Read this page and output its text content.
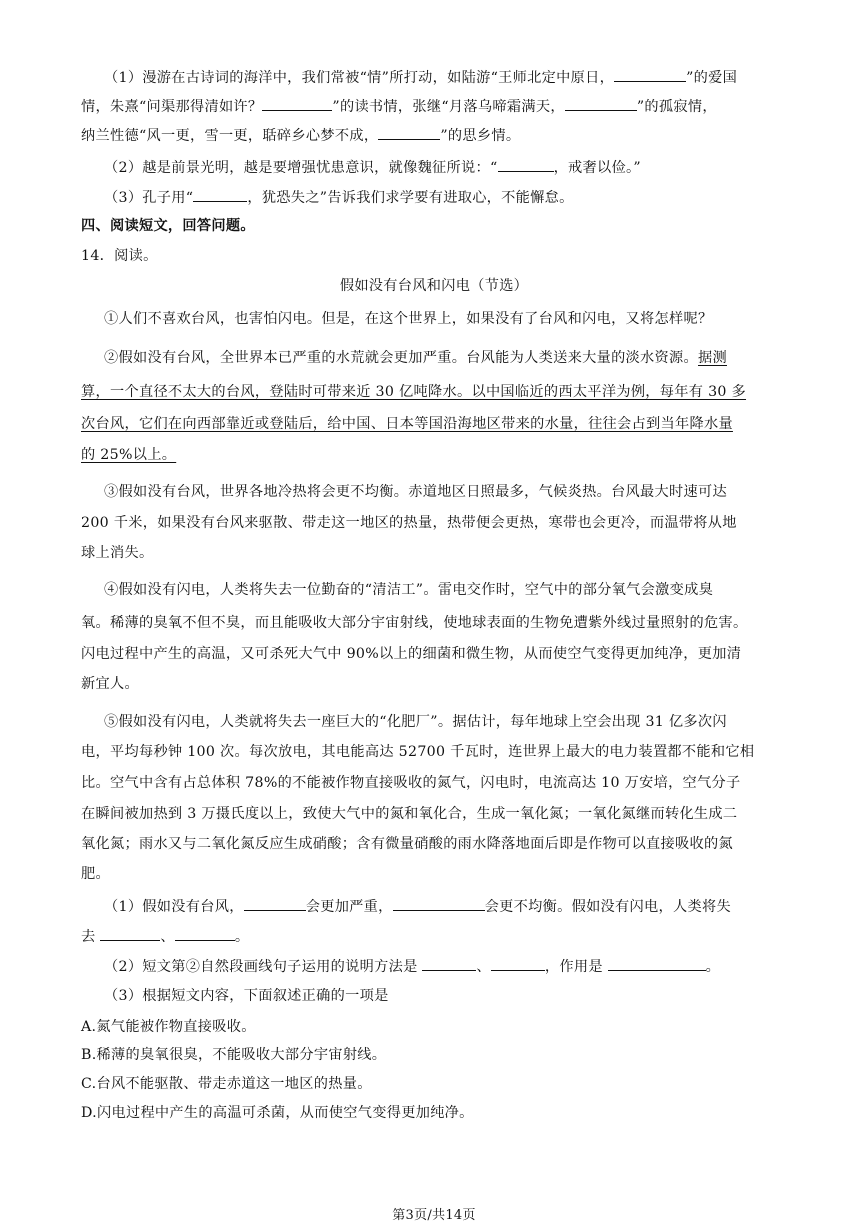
（1）漫游在古诗词的海洋中，我们常被“情”所打动，如陆游“王师北定中原日，	”的爱国
情，朱熹“问渠那得清如许？	”的读书情，张继“月落乌啼霜满天，	”的孤寂情，
纳兰性德“风一更，雪一更，聒碎乡心梦不成，	”的思乡情。
（2）越是前景光明，越是要增强忧患意识，就像魏征所说：“	，戒奢以俭。”
（3）孔子用“	，犹恐失之”告诉我们求学要有进取心，不能懈怠。
四、阅读短文，回答问题。
14．阅读。
假如没有台风和闪电（节选）
①人们不喜欢台风，也害怕闪电。但是，在这个世界上，如果没有了台风和闪电，又将怎样呢？
②假如没有台风，全世界本已严重的水荒就会更加严重。台风能为人类送来大量的淡水资源。据测
算，一个直径不太大的台风，登陆时可带来近 30 亿吨降水。以中国临近的西太平洋为例，每年有 30 多
次台风，它们在向西部靠近或登陆后，给中国、日本等国沿海地区带来的水量，往往会占到当年降水量
的 25%以上。
③假如没有台风，世界各地冷热将会更不均衡。赤道地区日照最多，气候炎热。台风最大时速可达
200 千米，如果没有台风来驱散、带走这一地区的热量，热带便会更热，寒带也会更冷，而温带将从地
球上消失。
④假如没有闪电，人类将失去一位勤奋的“清洁工”。雷电交作时，空气中的部分氧气会激变成臭
氧。稀薄的臭氧不但不臭，而且能吸收大部分宇宙射线，使地球表面的生物免遭紫外线过量照射的危害。
闪电过程中产生的高温，又可杀死大气中 90%以上的细菌和微生物，从而使空气变得更加纯净，更加清
新宜人。
⑤假如没有闪电，人类就将失去一座巨大的“化肥厂”。据估计，每年地球上空会出现 31 亿多次闪
电，平均每秒钟 100 次。每次放电，其电能高达 52700 千瓦时，连世界上最大的电力装置都不能和它相
比。空气中含有占总体积 78%的不能被作物直接吸收的氮气，闪电时，电流高达 10 万安培，空气分子
在瞬间被加热到 3 万摄氏度以上，致使大气中的氮和氧化合，生成一氧化氮；一氧化氮继而转化生成二
氧化氮；雨水又与二氧化氮反应生成硝酸；含有微量硝酸的雨水降落地面后即是作物可以直接吸收的氮
肥。
（1）假如没有台风，	会更加严重，	会更不均衡。假如没有闪电，人类将失
去	、	。
（2）短文第②自然段画线句子运用的说明方法是	、	，作用是	。
（3）根据短文内容，下面叙述正确的一项是
A.氮气能被作物直接吸收。
B.稀薄的臭氧很臭，不能吸收大部分宇宙射线。
C.台风不能驱散、带走赤道这一地区的热量。
D.闪电过程中产生的高温可杀菌，从而使空气变得更加纯净。
第3页/共14页
